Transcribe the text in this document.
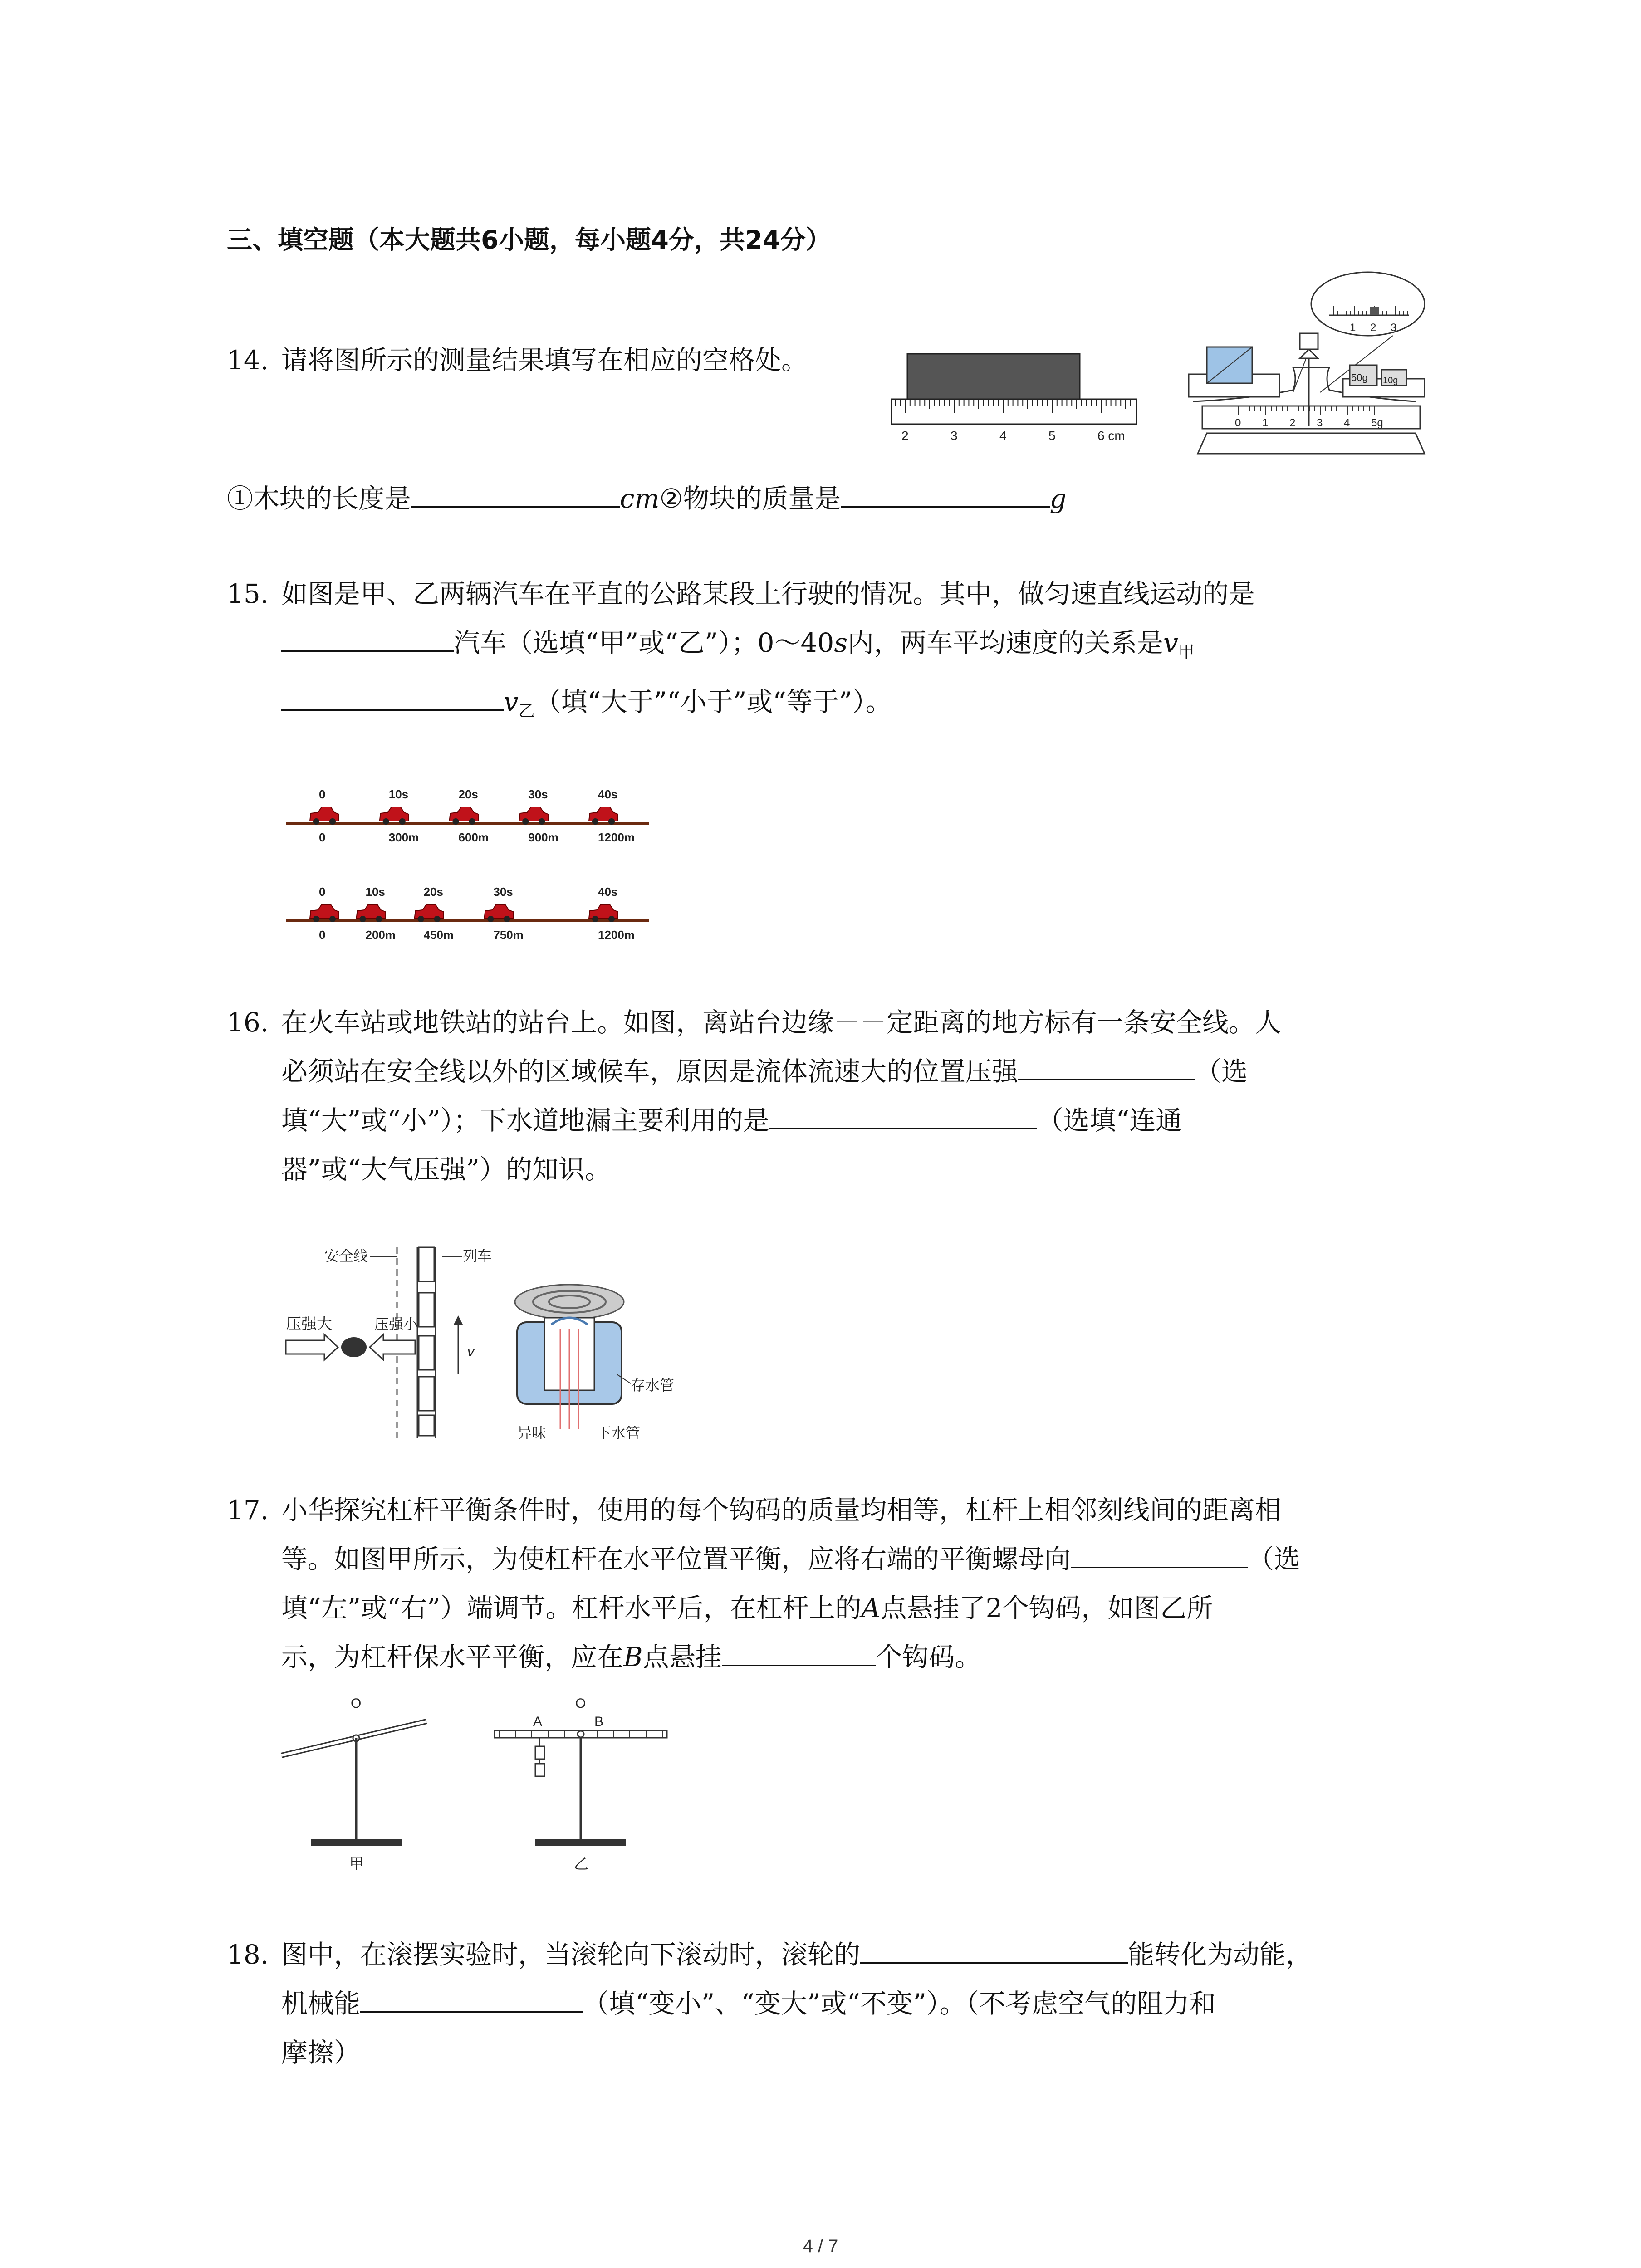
三、填空题（本大题共6小题，每小题4分，共24分）
14. 请将图所示的测量结果填写在相应的空格处。
2	3	4	5	6 cm
1 2 3
50g 10g
0 1 2 3 4 5g
①木块的长度是	cm②物块的质量是	g
15. 如图是甲、乙两辆汽车在平直的公路某段上行驶的情况。其中，做匀速直线运动的是
汽车（选填“甲”或“乙”）；0～40s内，两车平均速度的关系是$v_甲$
$v_乙$（填“大于”“小于”或“等于”）。
0	10s	20s	30s	40s
0	300m	600m	900m	1200m
0	10s	20s	30s	40s
0	200m 450m	750m	1200m
16. 在火车站或地铁站的站台上。如图，离站台边缘－－定距离的地方标有一条安全线。人
必须站在安全线以外的区域候车，原因是流体流速大的位置压强	（选
填“大”或“小”）；下水道地漏主要利用的是	（选填“连通
器”或“大气压强”）的知识。
安全线	列车
压强大	压强小
v
存水管
异味	下水管
17. 小华探究杠杆平衡条件时，使用的每个钩码的质量均相等，杠杆上相邻刻线间的距离相
等。如图甲所示，为使杠杆在水平位置平衡，应将右端的平衡螺母向	（选
填“左”或“右”）端调节。杠杆水平后，在杠杆上的A点悬挂了2个钩码，如图乙所
示，为杠杆保水平平衡，应在B点悬挂	个钩码。
O
甲
O
A	B
乙
18. 图中，在滚摆实验时，当滚轮向下滚动时，滚轮的	能转化为动能，
机械能	（填“变小”、“变大”或“不变”）。（不考虑空气的阻力和
摩擦）
4 / 7
